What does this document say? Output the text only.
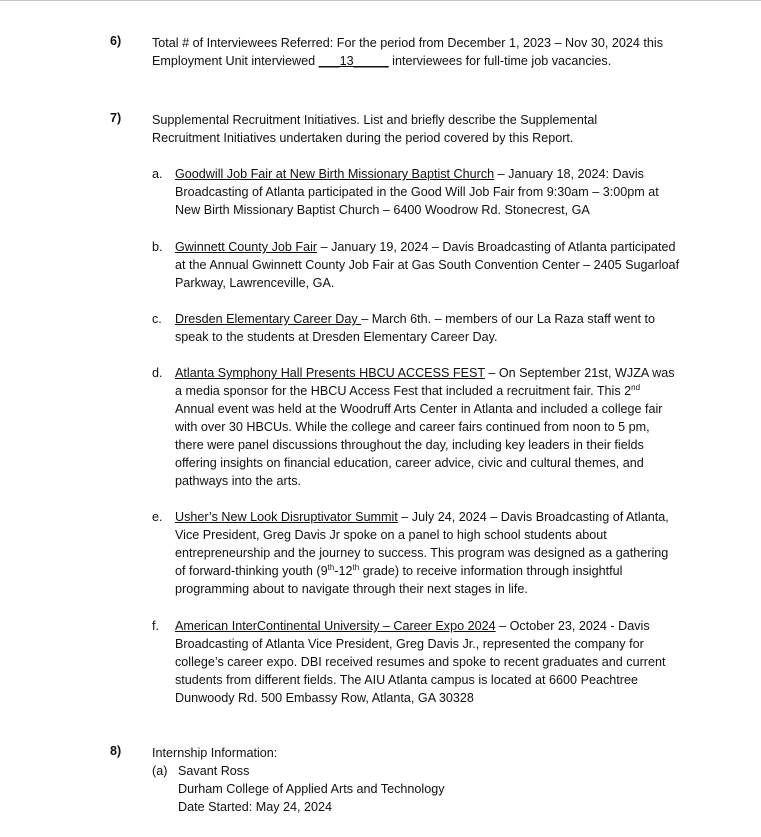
6) Total # of Interviewees Referred: For the period from December 1, 2023 – Nov 30, 2024 this Employment Unit interviewed ___13_____ interviewees for full-time job vacancies.
7) Supplemental Recruitment Initiatives. List and briefly describe the Supplemental Recruitment Initiatives undertaken during the period covered by this Report.
a. Goodwill Job Fair at New Birth Missionary Baptist Church – January 18, 2024: Davis Broadcasting of Atlanta participated in the Good Will Job Fair from 9:30am – 3:00pm at New Birth Missionary Baptist Church – 6400 Woodrow Rd. Stonecrest, GA
b. Gwinnett County Job Fair – January 19, 2024 – Davis Broadcasting of Atlanta participated at the Annual Gwinnett County Job Fair at Gas South Convention Center – 2405 Sugarloaf Parkway, Lawrenceville, GA.
c. Dresden Elementary Career Day – March 6th. – members of our La Raza staff went to speak to the students at Dresden Elementary Career Day.
d. Atlanta Symphony Hall Presents HBCU ACCESS FEST – On September 21st, WJZA was a media sponsor for the HBCU Access Fest that included a recruitment fair. This 2nd Annual event was held at the Woodruff Arts Center in Atlanta and included a college fair with over 30 HBCUs. While the college and career fairs continued from noon to 5 pm, there were panel discussions throughout the day, including key leaders in their fields offering insights on financial education, career advice, civic and cultural themes, and pathways into the arts.
e. Usher’s New Look Disruptivator Summit – July 24, 2024 – Davis Broadcasting of Atlanta, Vice President, Greg Davis Jr spoke on a panel to high school students about entrepreneurship and the journey to success. This program was designed as a gathering of forward-thinking youth (9th-12th grade) to receive information through insightful programming about to navigate through their next stages in life.
f. American InterContinental University – Career Expo 2024 – October 23, 2024 - Davis Broadcasting of Atlanta Vice President, Greg Davis Jr., represented the company for college’s career expo. DBI received resumes and spoke to recent graduates and current students from different fields. The AIU Atlanta campus is located at 6600 Peachtree Dunwoody Rd. 500 Embassy Row, Atlanta, GA 30328
8) Internship Information:
(a) Savant Ross
Durham College of Applied Arts and Technology
Date Started: May 24, 2024
